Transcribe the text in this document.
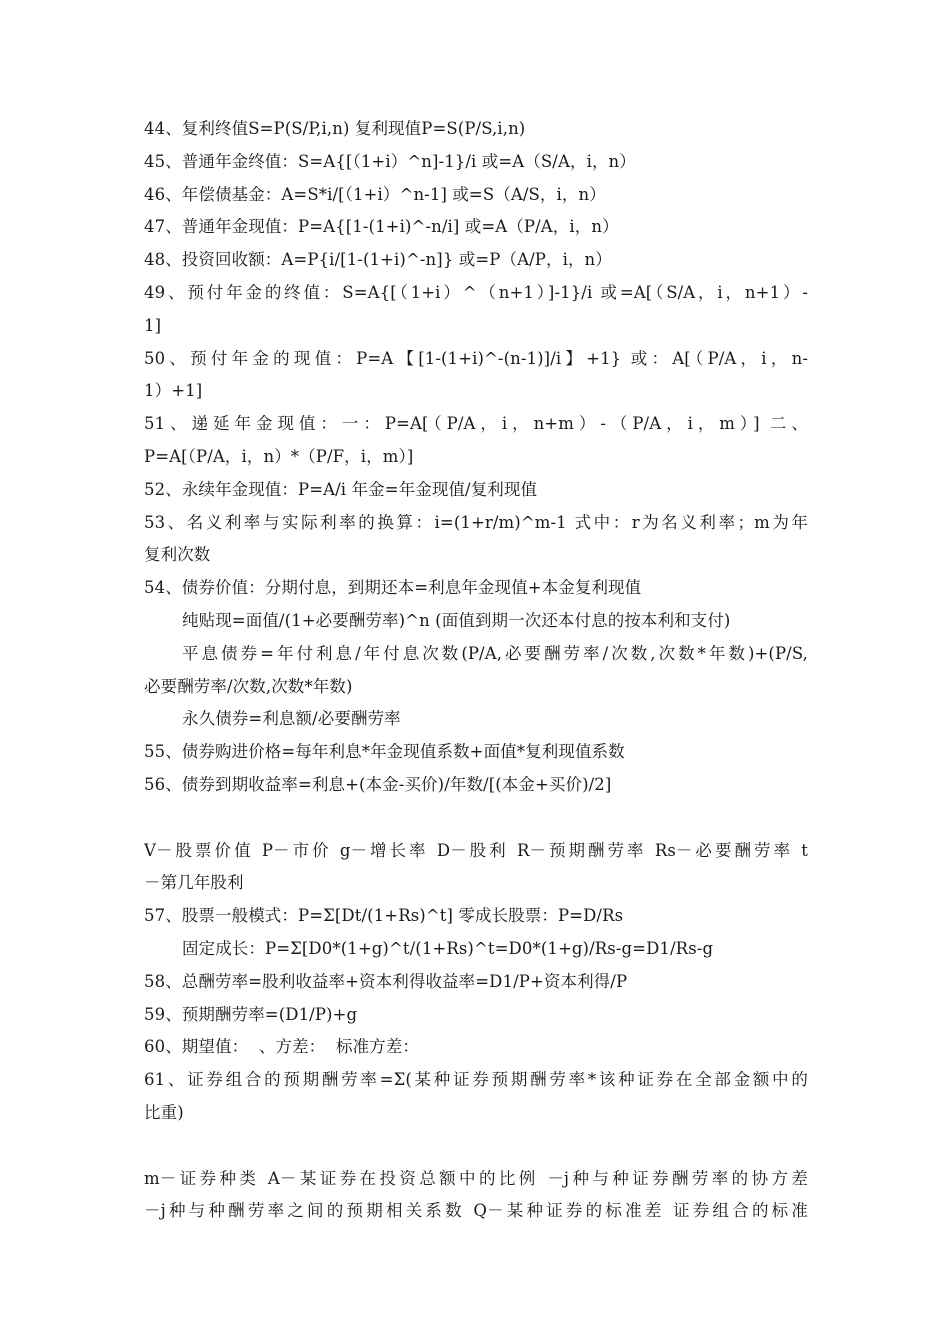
44、复利终值S=P(S/P,i,n) 复利现值P=S(P/S,i,n)
45、普通年金终值：S=A{[（1+i）^n]-1}/i 或=A（S/A，i，n）
46、年偿债基金：A=S*i/[（1+i）^n-1] 或=S（A/S，i，n）
47、普通年金现值：P=A{[1-(1+i)^-n/i] 或=A（P/A，i，n）
48、投资回收额：A=P{i/[1-(1+i)^-n]} 或=P（A/P，i，n）
49、预付年金的终值：S=A{[（1+i）^（n+1）]-1}/i 或=A[（S/A，i，n+1）-
1]
50、预付年金的现值：P=A【[1-(1+i)^-(n-1)]/i】+1} 或：A[（P/A，i，n-
1）+1]
51、递延年金现值：一：P=A[（P/A，i，n+m）-（P/A，i，m）] 二、
P=A[（P/A，i，n）*（P/F，i，m）]
52、永续年金现值：P=A/i 年金=年金现值/复利现值
53、名义利率与实际利率的换算：i=(1+r/m)^m-1 式中：r为名义利率；m为年
复利次数
54、债券价值：分期付息，到期还本=利息年金现值+本金复利现值
纯贴现=面值/(1+必要酬劳率)^n (面值到期一次还本付息的按本利和支付)
平息债券=年付利息/年付息次数(P/A,必要酬劳率/次数,次数*年数)+(P/S,
必要酬劳率/次数,次数*年数)
永久债券=利息额/必要酬劳率
55、债券购进价格=每年利息*年金现值系数+面值*复利现值系数
56、债券到期收益率=利息+(本金-买价)/年数/[(本金+买价)/2]
V－股票价值 P－市价 g－增长率 D－股利 R－预期酬劳率 Rs－必要酬劳率 t
－第几年股利
57、股票一般模式：P=Σ[Dt/(1+Rs)^t] 零成长股票：P=D/Rs
固定成长：P=Σ[D0*(1+g)^t/(1+Rs)^t=D0*(1+g)/Rs-g=D1/Rs-g
58、总酬劳率=股利收益率+资本利得收益率=D1/P+资本利得/P
59、预期酬劳率=(D1/P)+g
60、期望值：  、方差：  标准方差：
61、证券组合的预期酬劳率=Σ(某种证券预期酬劳率*该种证券在全部金额中的
比重)
m－证券种类 A－某证券在投资总额中的比例 －j种与种证券酬劳率的协方差
－j种与种酬劳率之间的预期相关系数 Q－某种证券的标准差 证券组合的标准
